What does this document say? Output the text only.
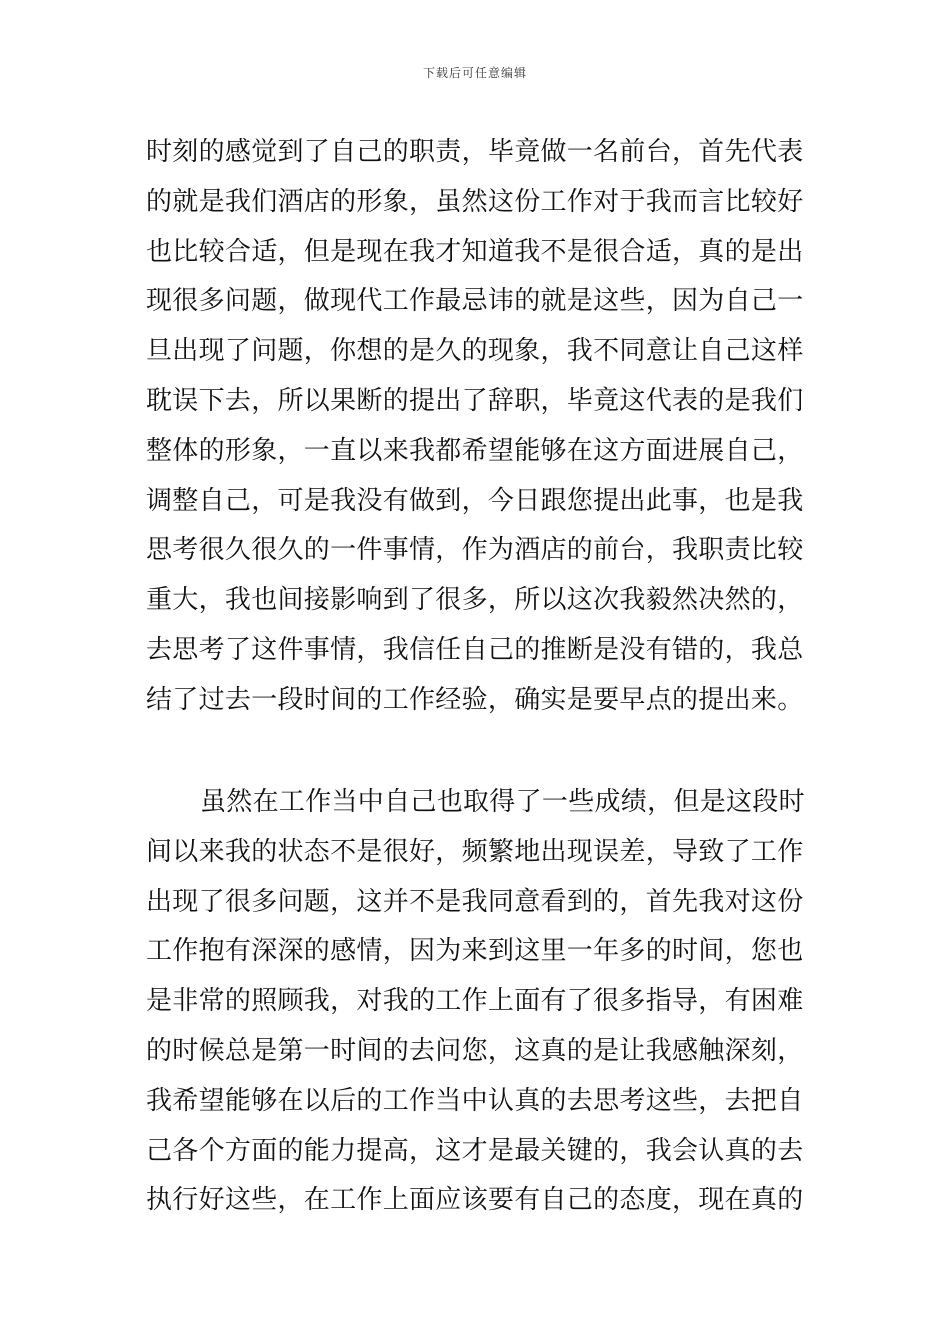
下载后可任意编辑
时刻的感觉到了自己的职责，毕竟做一名前台，首先代表
的就是我们酒店的形象，虽然这份工作对于我而言比较好
也比较合适，但是现在我才知道我不是很合适，真的是出
现很多问题，做现代工作最忌讳的就是这些，因为自己一
旦出现了问题，你想的是久的现象，我不同意让自己这样
耽误下去，所以果断的提出了辞职，毕竟这代表的是我们
整体的形象，一直以来我都希望能够在这方面进展自己，
调整自己，可是我没有做到，今日跟您提出此事，也是我
思考很久很久的一件事情，作为酒店的前台，我职责比较
重大，我也间接影响到了很多，所以这次我毅然决然的，
去思考了这件事情，我信任自己的推断是没有错的，我总
结了过去一段时间的工作经验，确实是要早点的提出来。
虽然在工作当中自己也取得了一些成绩，但是这段时
间以来我的状态不是很好，频繁地出现误差，导致了工作
出现了很多问题，这并不是我同意看到的，首先我对这份
工作抱有深深的感情，因为来到这里一年多的时间，您也
是非常的照顾我，对我的工作上面有了很多指导，有困难
的时候总是第一时间的去问您，这真的是让我感触深刻，
我希望能够在以后的工作当中认真的去思考这些，去把自
己各个方面的能力提高，这才是最关键的，我会认真的去
执行好这些，在工作上面应该要有自己的态度，现在真的
